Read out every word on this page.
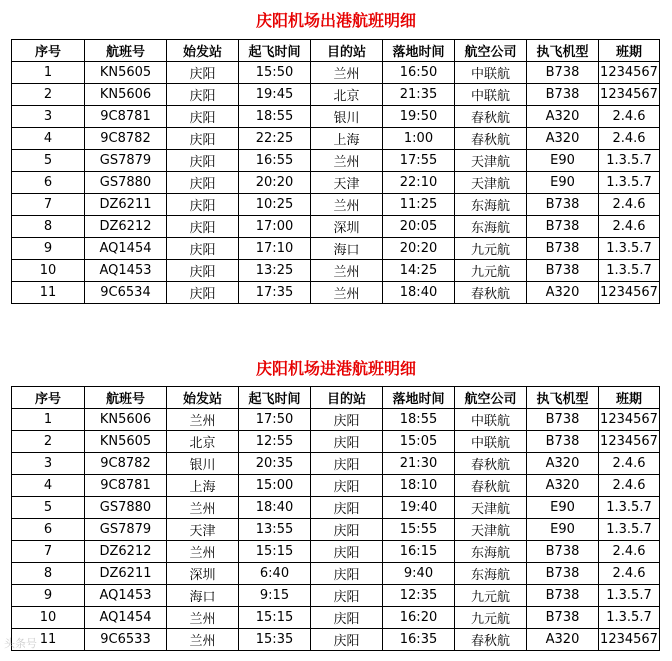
庆阳机场出港航班明细
序号	航班号	始发站	起飞时间	目的站	落地时间	航空公司	执飞机型	班期
1	KN5605	庆阳	15:50	兰州	16:50	中联航	B738	1234567
2	KN5606	庆阳	19:45	北京	21:35	中联航	B738	1234567
3	9C8781	庆阳	18:55	银川	19:50	春秋航	A320	2.4.6
4	9C8782	庆阳	22:25	上海	1:00	春秋航	A320	2.4.6
5	GS7879	庆阳	16:55	兰州	17:55	天津航	E90	1.3.5.7
6	GS7880	庆阳	20:20	天津	22:10	天津航	E90	1.3.5.7
7	DZ6211	庆阳	10:25	兰州	11:25	东海航	B738	2.4.6
8	DZ6212	庆阳	17:00	深圳	20:05	东海航	B738	2.4.6
9	AQ1454	庆阳	17:10	海口	20:20	九元航	B738	1.3.5.7
10	AQ1453	庆阳	13:25	兰州	14:25	九元航	B738	1.3.5.7
11	9C6534	庆阳	17:35	兰州	18:40	春秋航	A320	1234567
庆阳机场进港航班明细
序号	航班号	始发站	起飞时间	目的站	落地时间	航空公司	执飞机型	班期
1	KN5606	兰州	17:50	庆阳	18:55	中联航	B738	1234567
2	KN5605	北京	12:55	庆阳	15:05	中联航	B738	1234567
3	9C8782	银川	20:35	庆阳	21:30	春秋航	A320	2.4.6
4	9C8781	上海	15:00	庆阳	18:10	春秋航	A320	2.4.6
5	GS7880	兰州	18:40	庆阳	19:40	天津航	E90	1.3.5.7
6	GS7879	天津	13:55	庆阳	15:55	天津航	E90	1.3.5.7
7	DZ6212	兰州	15:15	庆阳	16:15	东海航	B738	2.4.6
8	DZ6211	深圳	6:40	庆阳	9:40	东海航	B738	2.4.6
9	AQ1453	海口	9:15	庆阳	12:35	九元航	B738	1.3.5.7
10	AQ1454	兰州	15:15	庆阳	16:20	九元航	B738	1.3.5.7
11	9C6533	兰州	15:35	庆阳	16:35	春秋航	A320	1234567
头条号
